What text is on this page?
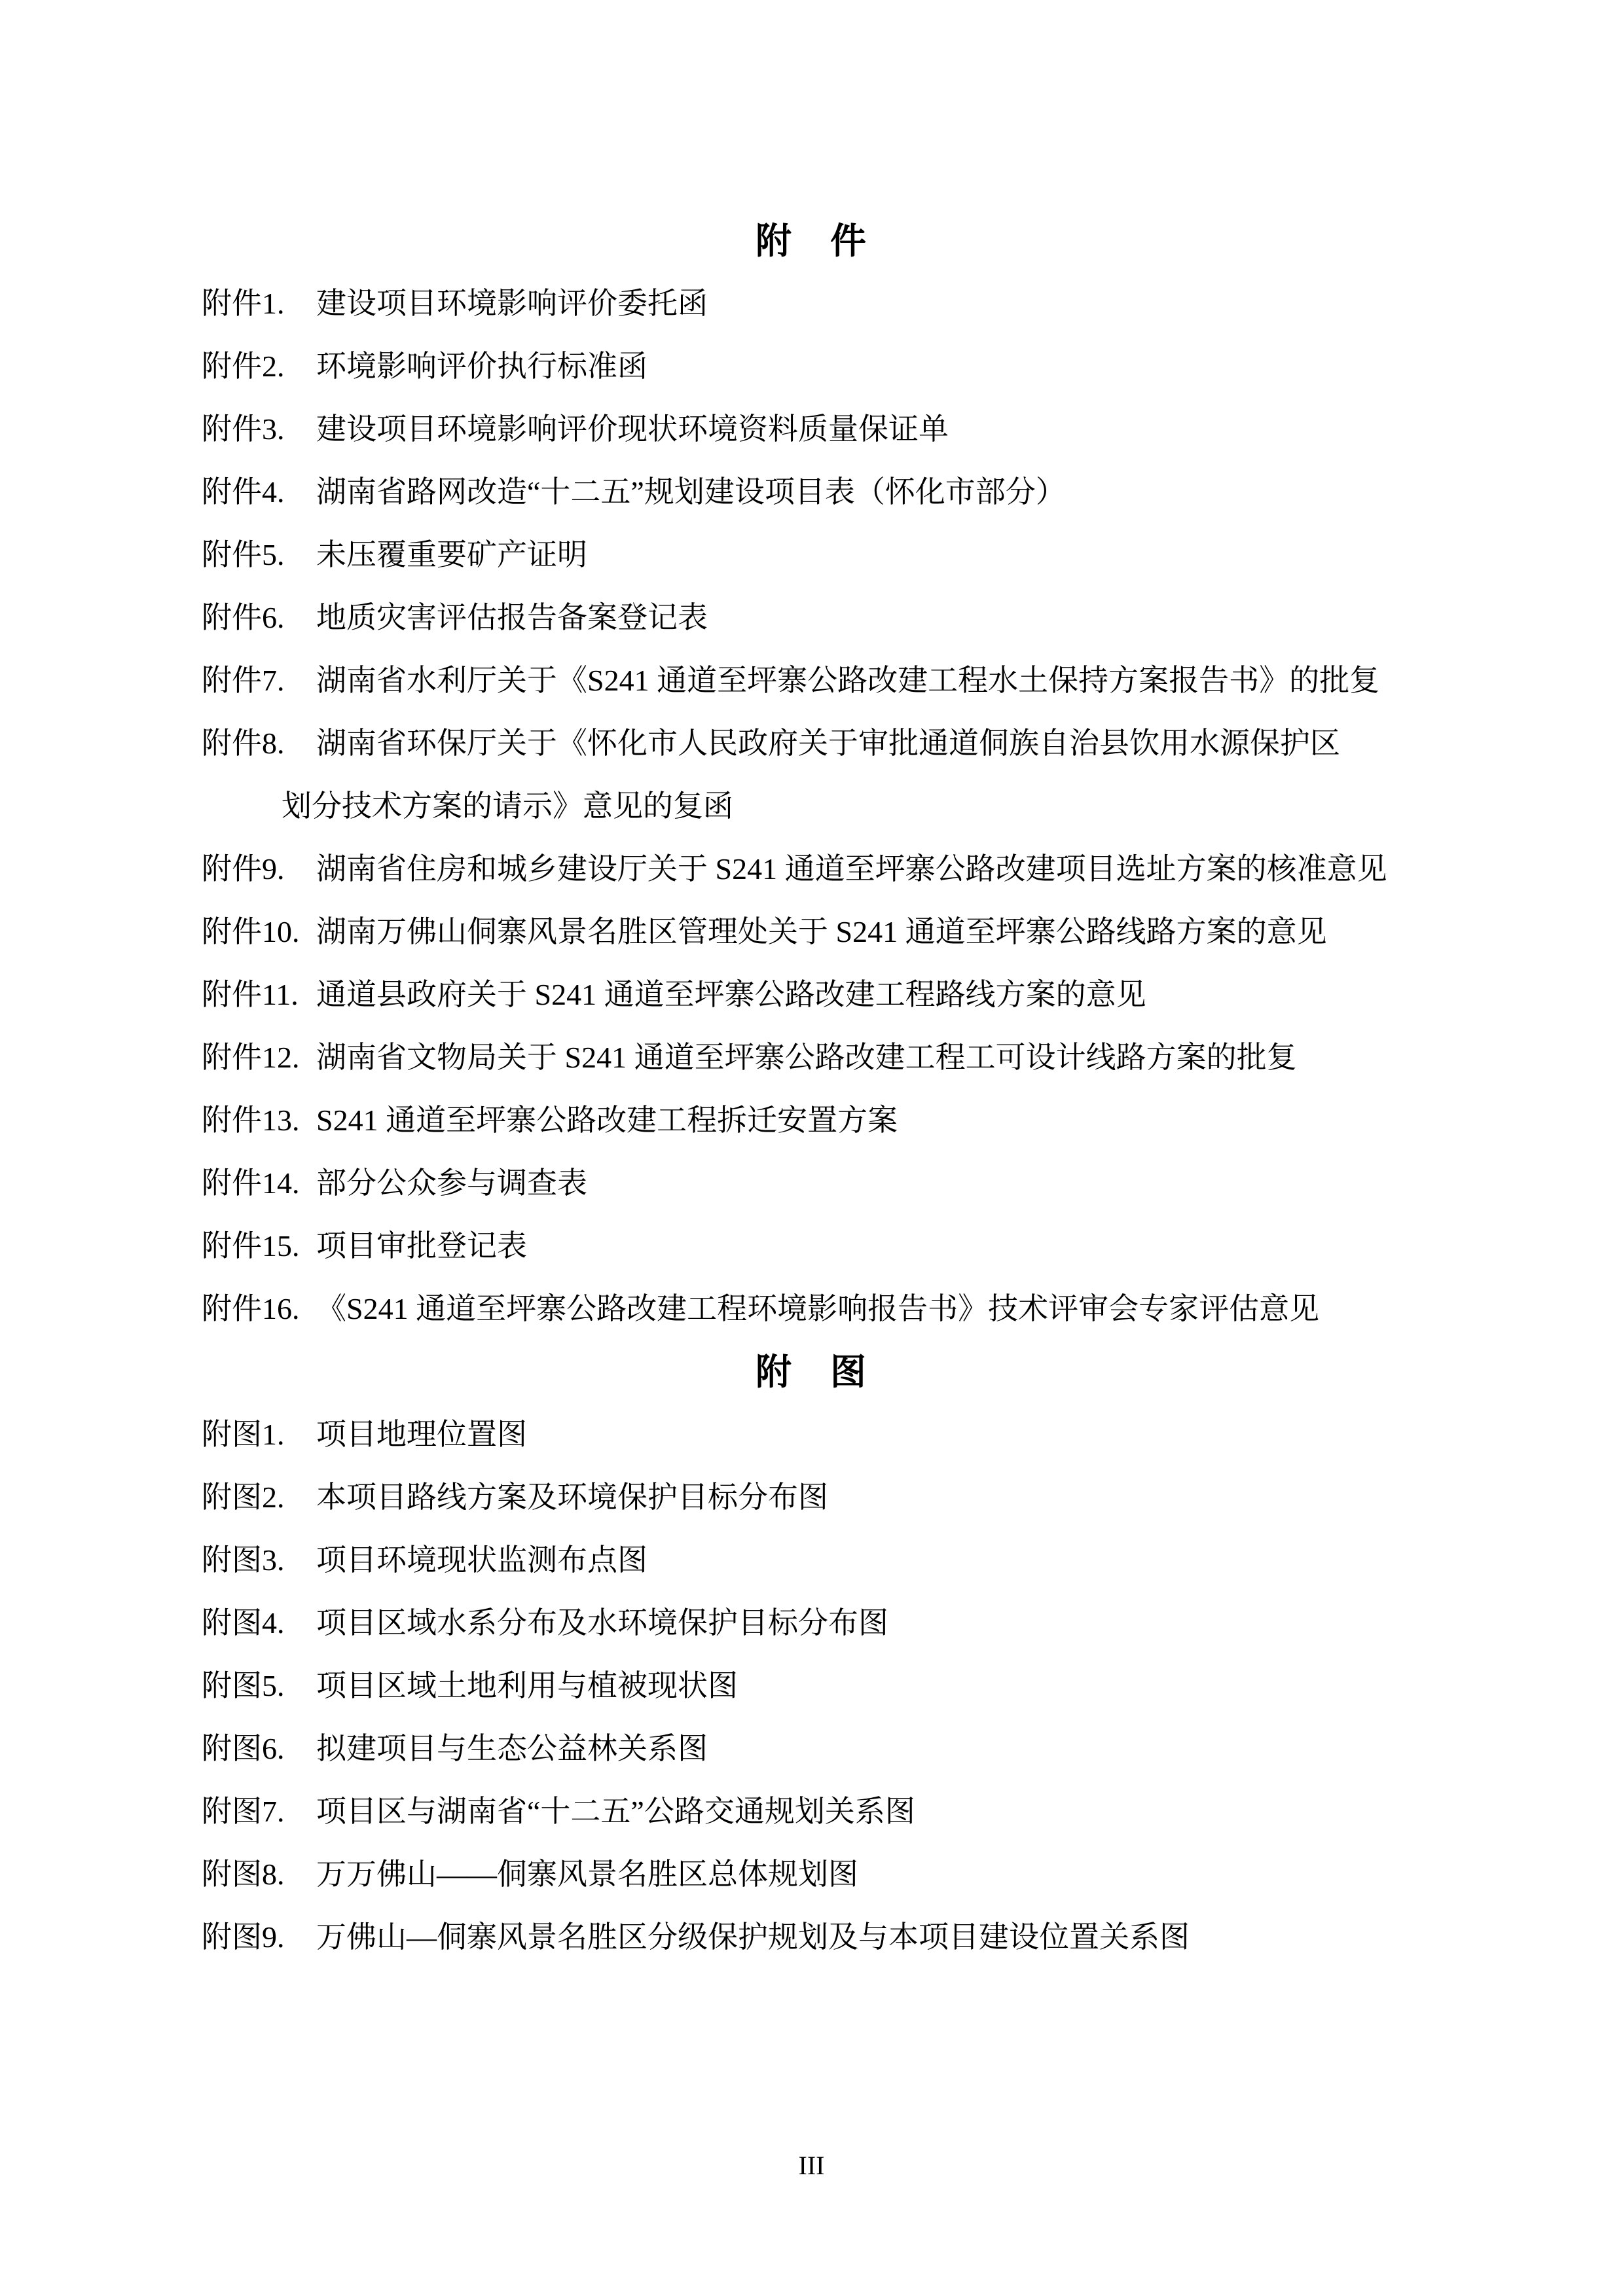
附　件
附件1.	建设项目环境影响评价委托函
附件2.	环境影响评价执行标准函
附件3.	建设项目环境影响评价现状环境资料质量保证单
附件4.	湖南省路网改造“十二五”规划建设项目表（怀化市部分）
附件5.	未压覆重要矿产证明
附件6.	地质灾害评估报告备案登记表
附件7.	湖南省水利厅关于《S241 通道至坪寨公路改建工程水土保持方案报告书》的批复
附件8.	湖南省环保厅关于《怀化市人民政府关于审批通道侗族自治县饮用水源保护区
划分技术方案的请示》意见的复函
附件9.	湖南省住房和城乡建设厅关于 S241 通道至坪寨公路改建项目选址方案的核准意见
附件10. 湖南万佛山侗寨风景名胜区管理处关于 S241 通道至坪寨公路线路方案的意见
附件11. 通道县政府关于 S241 通道至坪寨公路改建工程路线方案的意见
附件12. 湖南省文物局关于 S241 通道至坪寨公路改建工程工可设计线路方案的批复
附件13. S241 通道至坪寨公路改建工程拆迁安置方案
附件14. 部分公众参与调查表
附件15. 项目审批登记表
附件16. 《S241 通道至坪寨公路改建工程环境影响报告书》技术评审会专家评估意见
附　图
附图1.	项目地理位置图
附图2.	本项目路线方案及环境保护目标分布图
附图3.	项目环境现状监测布点图
附图4.	项目区域水系分布及水环境保护目标分布图
附图5.	项目区域土地利用与植被现状图
附图6.	拟建项目与生态公益林关系图
附图7.	项目区与湖南省“十二五”公路交通规划关系图
附图8.	万万佛山——侗寨风景名胜区总体规划图
附图9.	万佛山—侗寨风景名胜区分级保护规划及与本项目建设位置关系图
III
